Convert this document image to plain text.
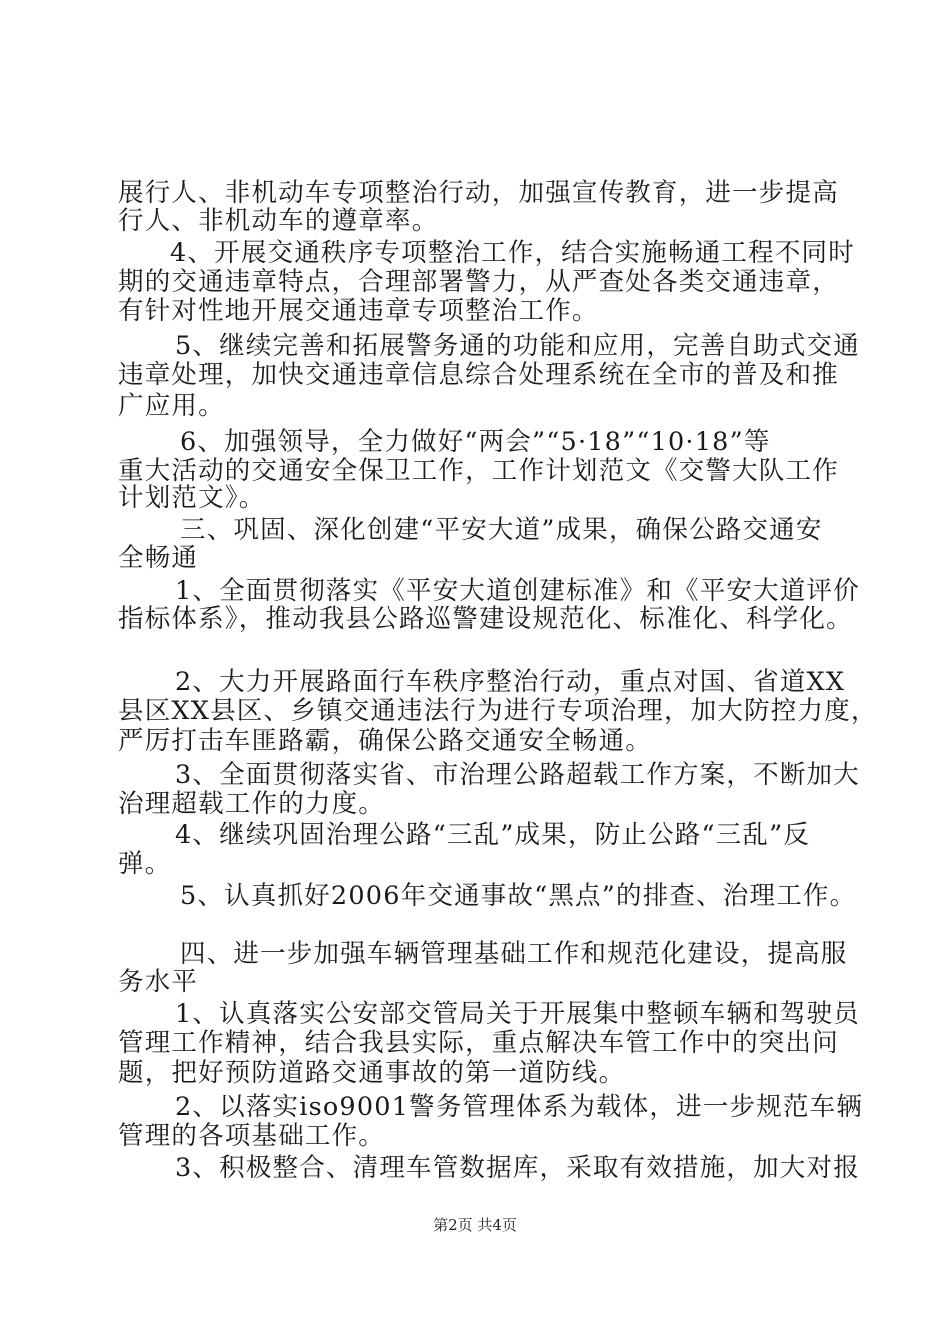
展行人、非机动车专项整治行动，加强宣传教育，进一步提高
行人、非机动车的遵章率。
4、开展交通秩序专项整治工作，结合实施畅通工程不同时
期的交通违章特点，合理部署警力，从严查处各类交通违章，
有针对性地开展交通违章专项整治工作。
5、继续完善和拓展警务通的功能和应用，完善自助式交通
违章处理，加快交通违章信息综合处理系统在全市的普及和推
广应用。
6、加强领导，全力做好“两会”“5·18”“10·18”等
重大活动的交通安全保卫工作，工作计划范文《交警大队工作
计划范文》。
三、巩固、深化创建“平安大道”成果，确保公路交通安
全畅通
1、全面贯彻落实《平安大道创建标准》和《平安大道评价
指标体系》，推动我县公路巡警建设规范化、标准化、科学化。
2、大力开展路面行车秩序整治行动，重点对国、省道XX
县区XX县区、乡镇交通违法行为进行专项治理，加大防控力度，
严厉打击车匪路霸，确保公路交通安全畅通。
3、全面贯彻落实省、市治理公路超载工作方案，不断加大
治理超载工作的力度。
4、继续巩固治理公路“三乱”成果，防止公路“三乱”反
弹。
5、认真抓好2006年交通事故“黑点”的排查、治理工作。
四、进一步加强车辆管理基础工作和规范化建设，提高服
务水平
1、认真落实公安部交管局关于开展集中整顿车辆和驾驶员
管理工作精神，结合我县实际，重点解决车管工作中的突出问
题，把好预防道路交通事故的第一道防线。
2、以落实iso9001警务管理体系为载体，进一步规范车辆
管理的各项基础工作。
3、积极整合、清理车管数据库，采取有效措施，加大对报
第2页 共4页
